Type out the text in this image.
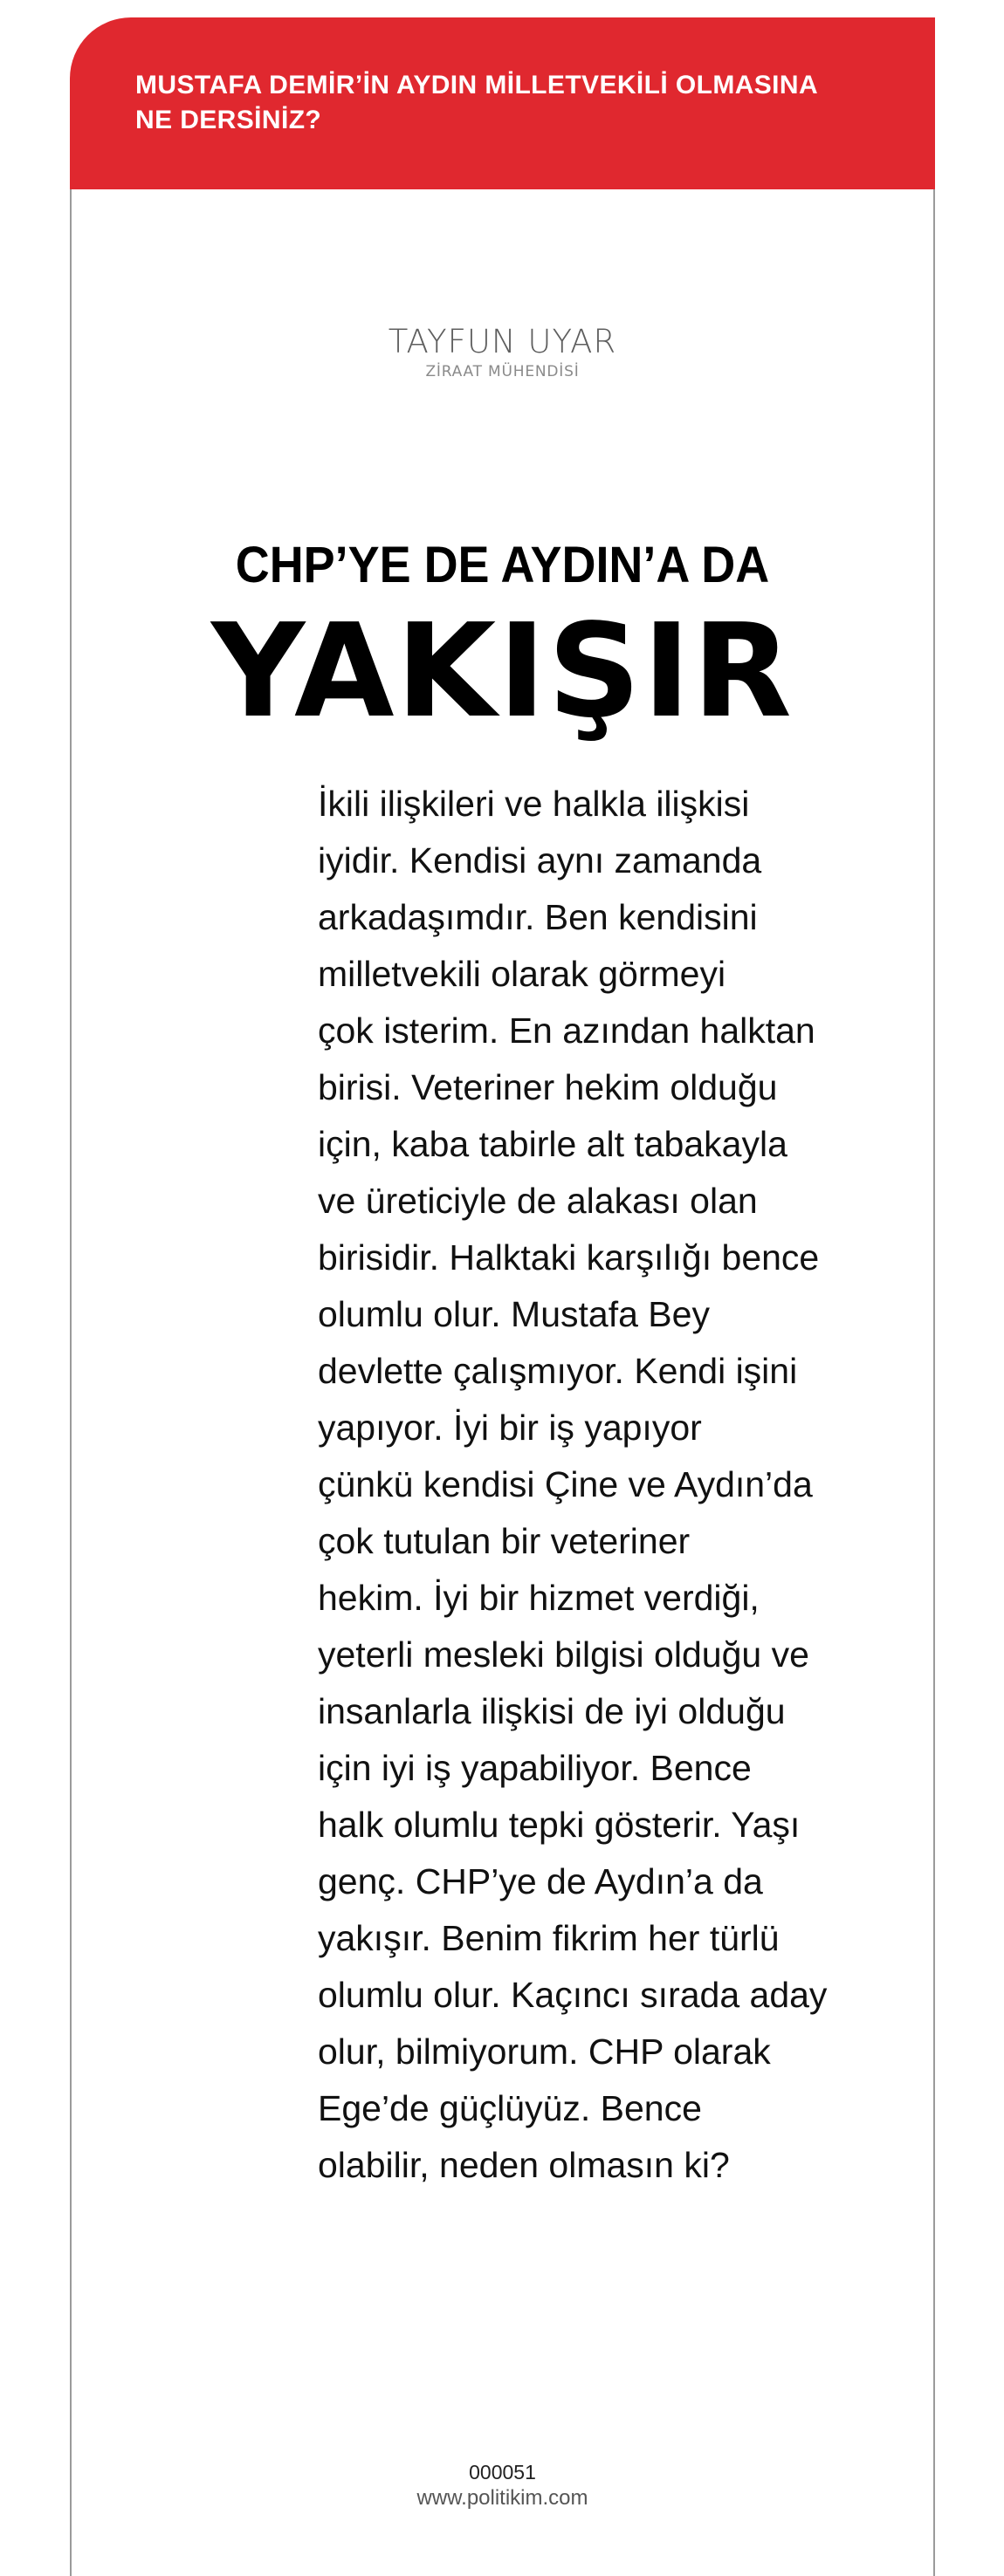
MUSTAFA DEMİR’İN AYDIN MİLLETVEKİLİ OLMASINA
NE DERSİNİZ?
TAYFUN UYAR
ZİRAAT MÜHENDİSİ
CHP’YE DE AYDIN’A DA
YAKIŞIR
İkili ilişkileri ve halkla ilişkisi
iyidir. Kendisi aynı zamanda
arkadaşımdır. Ben kendisini
milletvekili olarak görmeyi
çok isterim. En azından halktan
birisi. Veteriner hekim olduğu
için, kaba tabirle alt tabakayla
ve üreticiyle de alakası olan
birisidir. Halktaki karşılığı bence
olumlu olur. Mustafa Bey
devlette çalışmıyor. Kendi işini
yapıyor. İyi bir iş yapıyor
çünkü kendisi Çine ve Aydın’da
çok tutulan bir veteriner
hekim. İyi bir hizmet verdiği,
yeterli mesleki bilgisi olduğu ve
insanlarla ilişkisi de iyi olduğu
için iyi iş yapabiliyor. Bence
halk olumlu tepki gösterir. Yaşı
genç. CHP’ye de Aydın’a da
yakışır. Benim fikrim her türlü
olumlu olur. Kaçıncı sırada aday
olur, bilmiyorum. CHP olarak
Ege’de güçlüyüz. Bence
olabilir, neden olmasın ki?
000051
www.politikim.com
